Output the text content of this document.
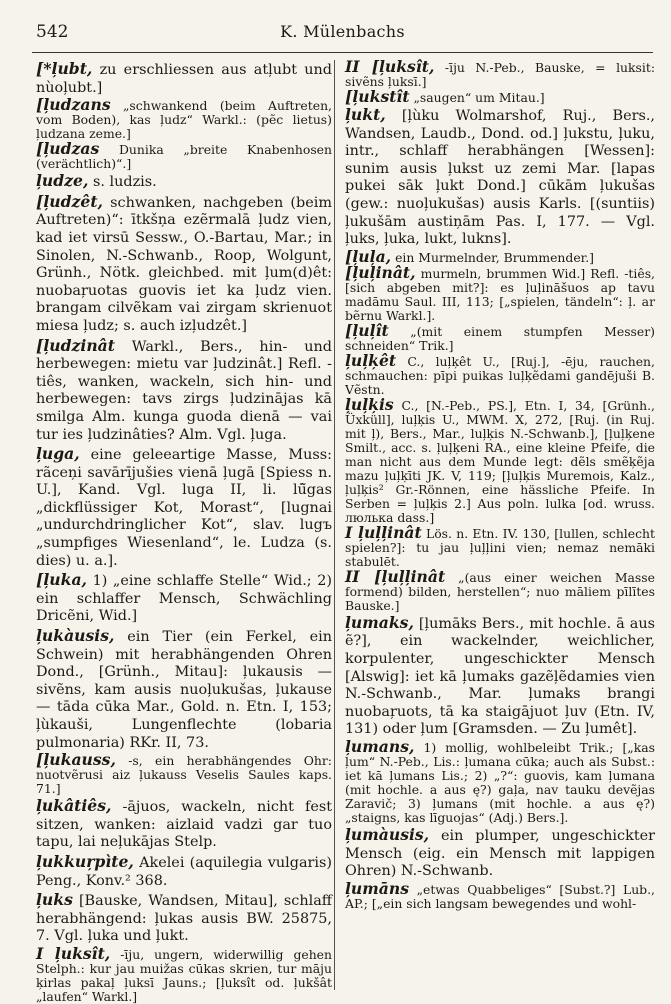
542	K. Mülenbachs

[*ļubt, zu erschliessen aus atļubt und nùoļubt.]

[ļudzans „schwankend (beim Auftreten, vom Boden), kas ļudz“ Warkl.: (pẽc lietus) ļudzana zeme.]

[ļudzas Dunika „breite Knabenhosen (verächtlich)“.]

ļudze, s. ludzis.

[ļudzêt, schwanken, nachgeben (beim Auftreten)“: ītkšņa ezẽrmalā ļudz vien, kad iet virsū Sessw., O.-Bartau, Mar.; in Sinolen, N.-Schwanb., Roop, Wolgunt, Grünh., Nötk. gleichbed. mit ļum(d)êt: nuobaŗuotas guovis iet ka ļudz vien. brangam cilvẽkam vai zirgam skrienuot miesa ļudz; s. auch izļudzêt.]

[ļudzinât Warkl., Bers., hin- und herbewegen: mietu var ļudzinât.] Refl. -tiês, wanken, wackeln, sich hin- und herbewegen: tavs zirgs ļudzinājas kā smilga Alm. kunga guoda dienā — vai tur ies ļudzinâties? Alm. Vgl. ļuga.

ļuga, eine geleeartige Masse, Muss: rãceņi savārījušies vienā ļugā [Spiess n. U.], Kand. Vgl. luga II, li. lū̃gas „dickflüssiger Kot, Morast“, [lugnai „undurchdringlicher Kot“, slav. lugъ „sumpfiges Wiesenland“, le. Ludza (s. dies) u. a.].

[ļuka, 1) „eine schlaffe Stelle“ Wid.; 2) ein schlaffer Mensch, Schwächling Dricẽni, Wid.]

ļukàusis, ein Tier (ein Ferkel, ein Schwein) mit herabhängenden Ohren Dond., [Grünh., Mitau]: ļukausis — sivẽns, kam ausis nuoļukušas, ļukause — tāda cūka Mar., Gold. n. Etn. I, 153; ļùkauši, Lungenflechte (lobaria pulmonaria) RKr. II, 73.

[ļukauss, -s, ein herabhängendes Ohr: nuotvẽrusi aiz ļukauss Veselis Saules kaps. 71.]

ļukâtiês, -ājuos, wackeln, nicht fest sitzen, wanken: aizlaid vadzi gar tuo tapu, lai neļukājas Stelp.

ļukkuŗpìte, Akelei (aquilegia vulgaris) Peng., Konv.² 368.

ļuks [Bauske, Wandsen, Mitau], schlaff herabhängend: ļukas ausis BW. 25875, 7. Vgl. ļuka und ļukt.

I ļuksît, -īju, ungern, widerwillig gehen Stelph.: kur jau muižas cūkas skrien, tur māju ķirlas pakaļ ļuksī Jauns.; [ļuksît od. ļukšât „laufen“ Warkl.]

II [ļuksît, -īju N.-Peb., Bauske, = luksit: sivẽns ļuksī.]

[ļukstît „saugen“ um Mitau.]

ļukt, [ļùku Wolmarshof, Ruj., Bers., Wandsen, Laudb., Dond. od.] ļukstu, ļuku, intr., schlaff herabhängen [Wessen]: sunim ausis ļukst uz zemi Mar. [lapas pukei sāk ļukt Dond.] cūkām ļukušas (gew.: nuoļukušas) ausis Karls. [(suntiis) ļukušām austiņām Pas. I, 177. — Vgl. ļuks, ļuka, lukt, lukns].

[ļuļa, ein Murmelnder, Brummender.]

[ļuļinât, murmeln, brummen Wid.] Refl. -tiês, [sich abgeben mit?]: es ļuļināšuos ap tavu madāmu Saul. III, 113; [„spielen, tändeln“: ļ. ar bẽrnu Warkl.].

[ļuļît „(mit einem stumpfen Messer) schneiden“ Trik.]

ļuļķêt C., luļķêt U., [Ruj.], -ēju, rauchen, schmauchen: pīpi puikas luļķẽdami gandējuši B. Vẽstn.

ļuļķis C., [N.-Peb., PS.], Etn. I, 34, [Grünh., Üxküll], luļķis U., MWM. X, 272, [Ruj. (in Ruj. mit ļ), Bers., Mar., luļķis N.-Schwanb.], [ļuļķene Smilt., acc. s. ļuļķeni RA., eine kleine Pfeife, die man nicht aus dem Munde legt: dẽls smẽķẽja mazu ļuļķīti JK. V, 119; [ļuļķis Muremois, Kalz., ļuļķis² Gr.-Rönnen, eine hässliche Pfeife. In Serben = ļuļķis 2.] Aus poln. lulka [od. wruss. люлька dass.]

I ļuļļinât Lös. n. Etn. IV. 130, [lullen, schlecht spielen?]: tu jau ļuļļini vien; nemaz nemāki stabulēt.

II [ļuļļinât „(aus einer weichen Masse formend) bilden, herstellen“; nuo māliem pīlītes Bauske.]

ļumaks, [ļumāks Bers., mit hochle. ā aus ẽ?], ein wackelnder, weichlicher, korpulenter, ungeschickter Mensch [Alswig]: iet kā ļumaks gazẽļẽdamies vien N.-Schwanb., Mar. ļumaks brangi nuobaŗuots, tā ka staigājuot ļuv (Etn. IV, 131) oder ļum [Gramsden. — Zu ļumêt].

ļumans, 1) mollig, wohlbeleibt Trik.; [„kas ļum“ N.-Peb., Lis.: ļumana cūka; auch als Subst.: iet kā ļumans Lis.; 2) „?“: guovis, kam ļumana (mit hochle. a aus ę?) gaļa, nav tauku devẽjas Zaravič; 3) ļumans (mit hochle. a aus ę?) „staigns, kas līguojas“ (Adj.) Bers.].

ļumàusis, ein plumper, ungeschickter Mensch (eig. ein Mensch mit lappigen Ohren) N.-Schwanb.

ļumāns „etwas Quabbeliges“ [Subst.?] Lub., AP.; [„ein sich langsam bewegendes und wohl-
